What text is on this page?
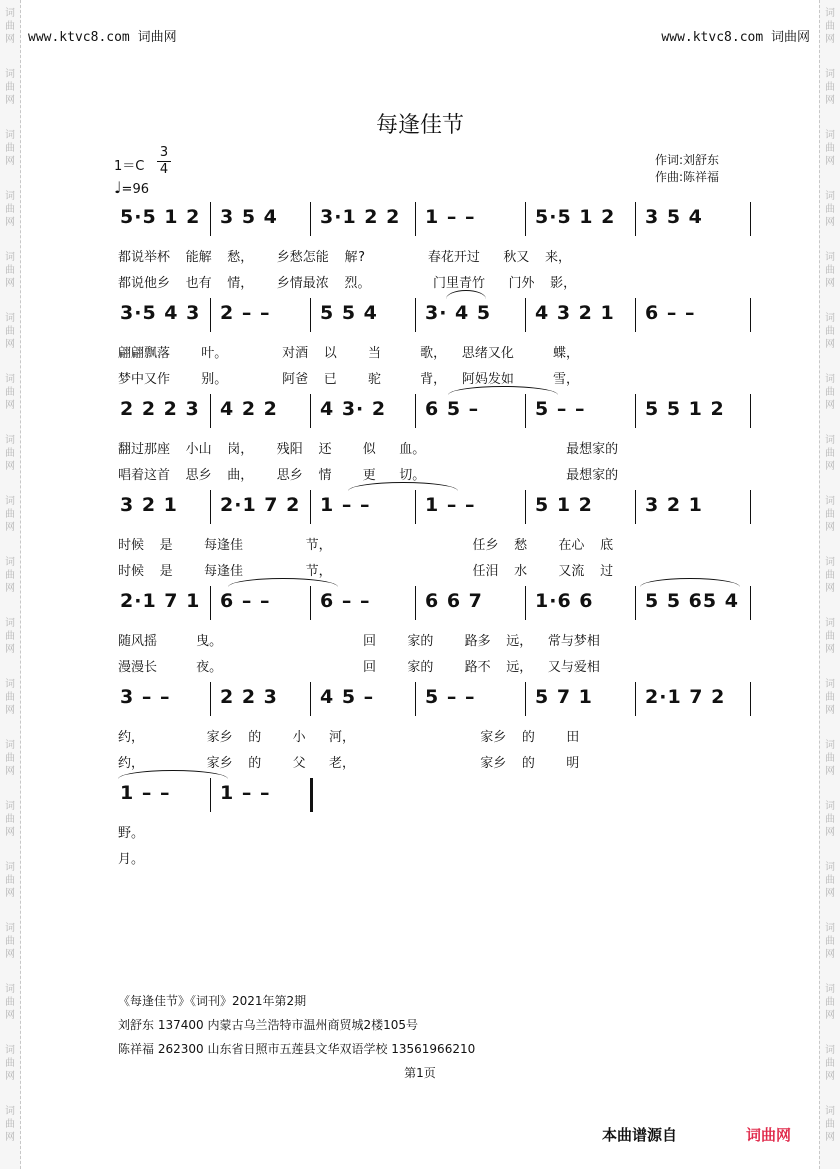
词
曲
网
词
曲
网
词
曲
网
词
曲
网
词
曲
网
词
曲
网
词
曲
网
词
曲
网
词
曲
网
词
曲
网
词
曲
网
词
曲
网
词
曲
网
词
曲
网
词
曲
网
词
曲
网
词
曲
网
词
曲
网
词
曲
网
词
曲
网
词
曲
网
词
曲
网
词
曲
网
词
曲
网
词
曲
网
词
曲
网
词
曲
网
词
曲
网
词
曲
网
词
曲
网
词
曲
网
词
曲
网
词
曲
网
词
曲
网
词
曲
网
词
曲
网
词
曲
网
词
曲
网
www.ktvc8.com 词曲网	www.ktvc8.com 词曲网
每逢佳节
1＝C
3
4
♩=96
作词:刘舒东
作曲:陈祥福
5·5 1 2 3 5 4 3·1 2 2 1 – –	5·5 1 2 3 5 4
都说举杯  能解  愁，   乡愁怎能  解?        春花开过   秋又  来，
都说他乡  也有  情，   乡情最浓  烈。        门里青竹   门外  影，
3·5 4 3 2 – –	5 5 4 3· 4 5 4 3 2 1 6 – –
翩翩飘落    叶。       对酒  以    当     歌，  思绪又化     蝶，
梦中又作    别。       阿爸  已    驼     背，  阿妈发如     雪，
2 2 2 3 4 2 2 4 3· 2 6 5 –	5 – –	5 5 1 2
翻过那座  小山  岗，   残阳  还    似   血。                  最想家的
唱着这首  思乡  曲，   思乡  情    更   切。                  最想家的
3 2 1 2·1 7 2 1 – –	1 – –	5 1 2	3 2 1
时候  是    每逢佳        节，                  任乡  愁    在心  底
时候  是    每逢佳        节，                  任泪  水    又流  过
2·1 7 1 6 – –	6 – –	6 6 7	1·6 6	5 5 65 4
随风摇     曳。                  回    家的    路多  远，  常与梦相
漫漫长     夜。                  回    家的    路不  远，  又与爱相
3 – –	2 2 3 4 5 –	5 – –	5 7 1	2·1 7 2
约，        家乡  的    小   河，                家乡  的    田
约，        家乡  的    父   老，                家乡  的    明
1 – –	1 – –
野。
月。
《每逢佳节》《词刊》2021年第2期
刘舒东 137400 内蒙古乌兰浩特市温州商贸城2楼105号
陈祥福 262300 山东省日照市五莲县文华双语学校 13561966210
第1页
本曲谱源自	词曲网
